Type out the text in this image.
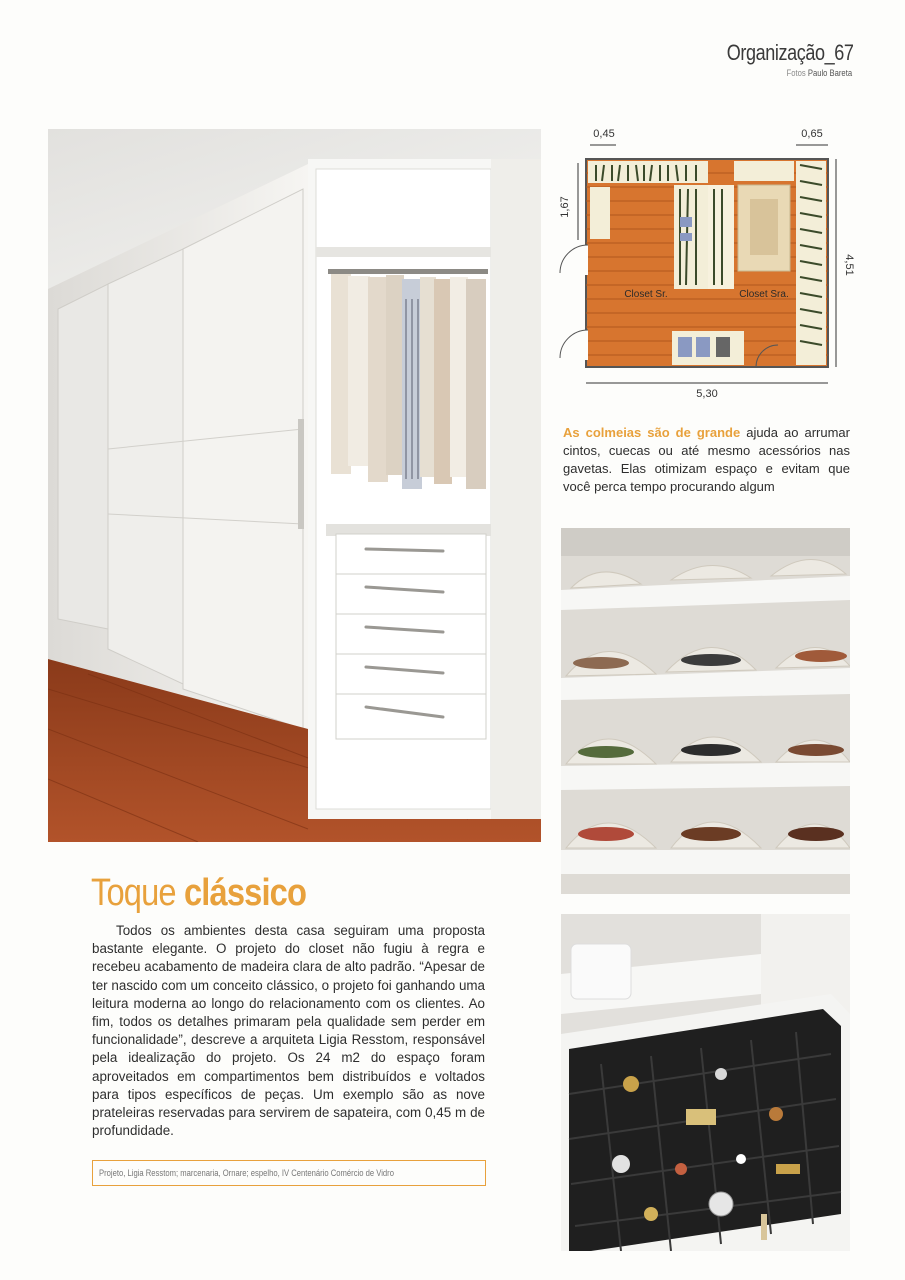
Organização_67
Fotos Paulo Bareta
0,45	0,65
1,67
4,51
5,30
Closet Sr.	Closet Sra.
As colmeias são de grande ajuda ao arrumar cintos, cuecas ou até mesmo acessórios nas gavetas. Elas otimizam espaço e evitam que você perca tempo procurando algum
Toque clássico

Todos os ambientes desta casa seguiram uma proposta bastante elegante. O projeto do closet não fugiu à regra e recebeu acabamento de madeira clara de alto padrão. “Apesar de ter nascido com um conceito clássico, o projeto foi ganhando uma leitura moderna ao longo do relacionamento com os clientes. Ao fim, todos os detalhes primaram pela qualidade sem perder em funcionalidade”, descreve a arquiteta Ligia Resstom, responsável pela idealização do projeto. Os 24 m2 do espaço foram aproveitados em compartimentos bem distribuídos e voltados para tipos específicos de peças. Um exemplo são as nove prateleiras reservadas para servirem de sapateira, com 0,45 m de profundidade.

Projeto, Ligia Resstom; marcenaria, Ornare; espelho, IV Centenário Comércio de Vidro
